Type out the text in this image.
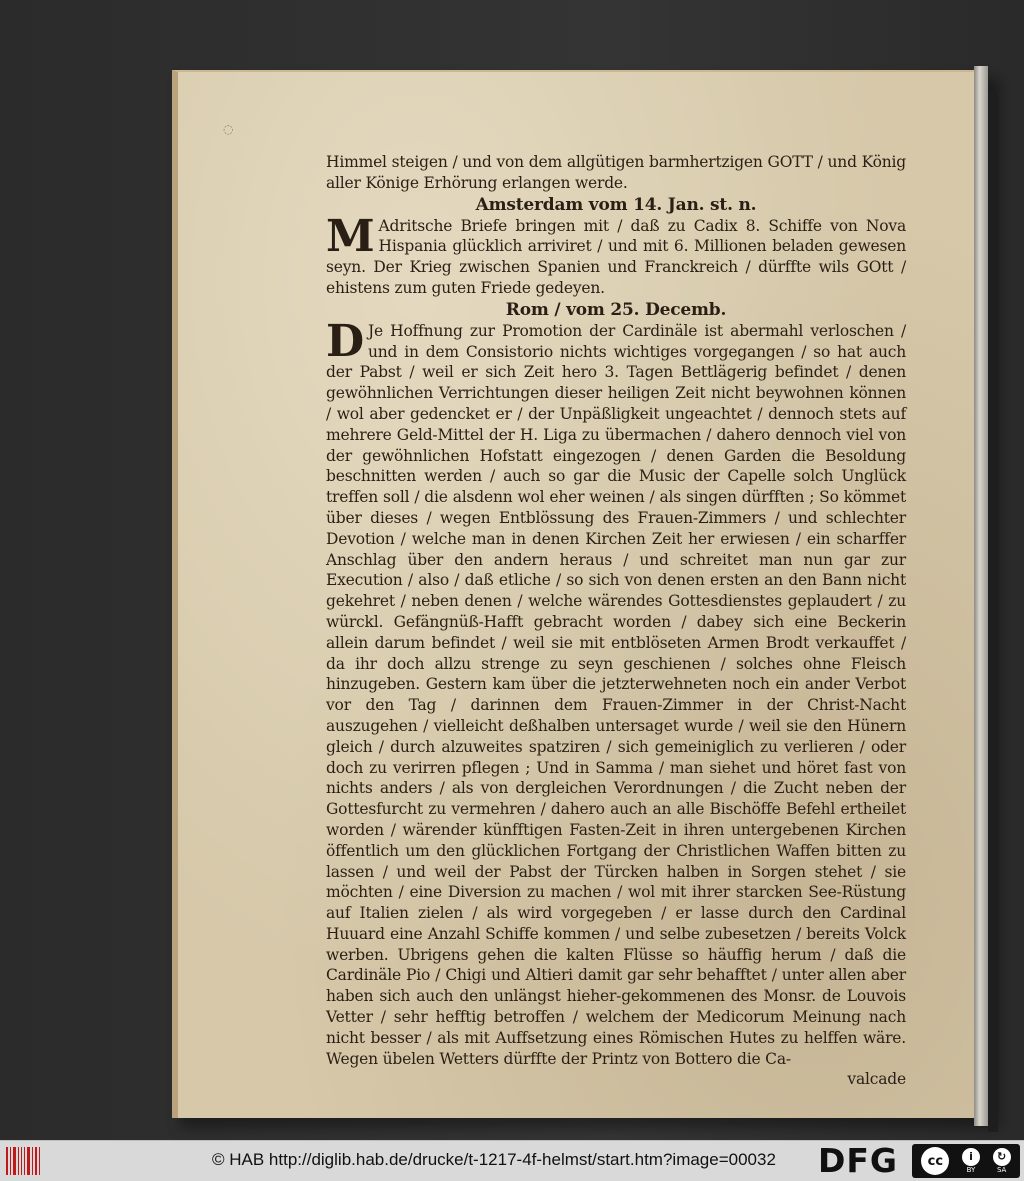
◌

Himmel steigen / und von dem allgütigen barmhertzigen GOTT / und König aller Könige Erhörung erlangen werde.

Amsterdam vom 14. Jan. st. n.

M Adritsche Briefe bringen mit / daß zu Cadix 8. Schiffe von Nova Hispania glücklich arriviret / und mit 6. Millionen beladen gewesen seyn. Der Krieg zwischen Spanien und Franckreich / dürffte wils GOtt / ehistens zum guten Friede gedeyen.

Rom / vom 25. Decemb.

D Je Hoffnung zur Promotion der Cardinäle ist abermahl verloschen / und in dem Consistorio nichts wichtiges vorgegangen / so hat auch der Pabst / weil er sich Zeit hero 3. Tagen Bettlägerig befindet / denen gewöhnlichen Verrichtungen dieser heiligen Zeit nicht beywohnen können / wol aber gedencket er / der Unpäßligkeit ungeachtet / dennoch stets auf mehrere Geld-Mittel der H. Liga zu übermachen / dahero dennoch viel von der gewöhnlichen Hofstatt eingezogen / denen Garden die Besoldung beschnitten werden / auch so gar die Music der Capelle solch Unglück treffen soll / die alsdenn wol eher weinen / als singen dürfften ; So kömmet über dieses / wegen Entblössung des Frauen-Zimmers / und schlechter Devotion / welche man in denen Kirchen Zeit her erwiesen / ein scharffer Anschlag über den andern heraus / und schreitet man nun gar zur Execution / also / daß etliche / so sich von denen ersten an den Bann nicht gekehret / neben denen / welche wärendes Gottesdienstes geplaudert / zu würckl. Gefängnüß-Hafft gebracht worden / dabey sich eine Beckerin allein darum befindet / weil sie mit entblöseten Armen Brodt verkauffet / da ihr doch allzu strenge zu seyn geschienen / solches ohne Fleisch hinzugeben. Gestern kam über die jetzterwehneten noch ein ander Verbot vor den Tag / darinnen dem Frauen-Zimmer in der Christ-Nacht auszugehen / vielleicht deßhalben untersaget wurde / weil sie den Hünern gleich / durch alzuweites spatziren / sich gemeiniglich zu verlieren / oder doch zu verirren pflegen ; Und in Samma / man siehet und höret fast von nichts anders / als von dergleichen Verordnungen / die Zucht neben der Gottesfurcht zu vermehren / dahero auch an alle Bischöffe Befehl ertheilet worden / wärender künfftigen Fasten-Zeit in ihren untergebenen Kirchen öffentlich um den glücklichen Fortgang der Christlichen Waffen bitten zu lassen / und weil der Pabst der Türcken halben in Sorgen stehet / sie möchten / eine Diversion zu machen / wol mit ihrer starcken See-Rüstung auf Italien zielen / als wird vorgegeben / er lasse durch den Cardinal Huuard eine Anzahl Schiffe kommen / und selbe zubesetzen / bereits Volck werben. Ubrigens gehen die kalten Flüsse so häuffig herum / daß die Cardinäle Pio / Chigi und Altieri damit gar sehr behafftet / unter allen aber haben sich auch den unlängst hieher-gekommenen des Monsr. de Louvois Vetter / sehr hefftig betroffen / welchem der Medicorum Meinung nach nicht besser / als mit Auffsetzung eines Römischen Hutes zu helffen wäre. Wegen übelen Wetters dürffte der Printz von Bottero die Ca-

valcade

© HAB http://diglib.hab.de/drucke/t-1217-4f-helmst/start.htm?image=00032 DFG	cc	i
BY
↻
SA
